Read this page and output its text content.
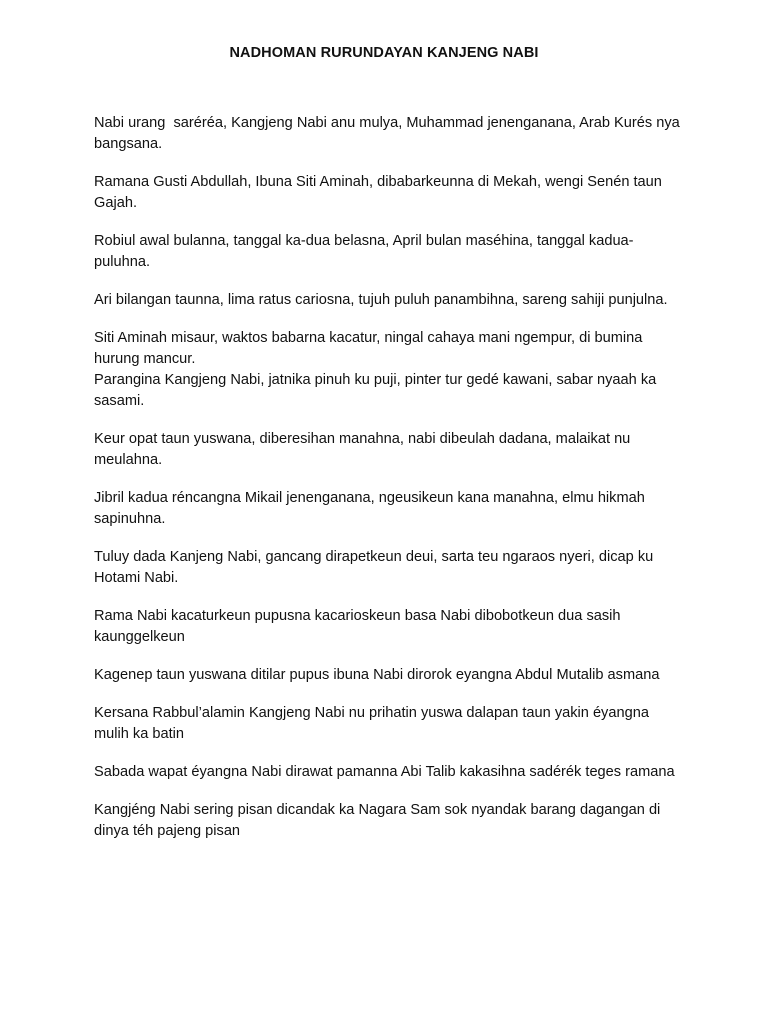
NADHOMAN RURUNDAYAN KANJENG NABI

Nabi urang  saréréa, Kangjeng Nabi anu mulya, Muhammad jenenganana, Arab Kurés nya bangsana.

Ramana Gusti Abdullah, Ibuna Siti Aminah, dibabarkeunna di Mekah, wengi Senén taun Gajah.

Robiul awal bulanna, tanggal ka-dua belasna, April bulan maséhina, tanggal kadua-puluhna.

Ari bilangan taunna, lima ratus cariosna, tujuh puluh panambihna, sareng sahiji punjulna.

Siti Aminah misaur, waktos babarna kacatur, ningal cahaya mani ngempur, di bumina hurung mancur.

Parangina Kangjeng Nabi, jatnika pinuh ku puji, pinter tur gedé kawani, sabar nyaah ka sasami.

Keur opat taun yuswana, diberesihan manahna, nabi dibeulah dadana, malaikat nu meulahna.

Jibril kadua réncangna Mikail jenenganana, ngeusikeun kana manahna, elmu hikmah sapinuhna.

Tuluy dada Kanjeng Nabi, gancang dirapetkeun deui, sarta teu ngaraos nyeri, dicap ku Hotami Nabi.

Rama Nabi kacaturkeun pupusna kacarioskeun basa Nabi dibobotkeun dua sasih kaunggelkeun

Kagenep taun yuswana ditilar pupus ibuna Nabi dirorok eyangna Abdul Mutalib asmana

Kersana Rabbul’alamin Kangjeng Nabi nu prihatin yuswa dalapan taun yakin éyangna mulih ka batin

Sabada wapat éyangna Nabi dirawat pamanna Abi Talib kakasihna sadérék teges ramana

Kangjéng Nabi sering pisan dicandak ka Nagara Sam sok nyandak barang dagangan di dinya téh pajeng pisan
